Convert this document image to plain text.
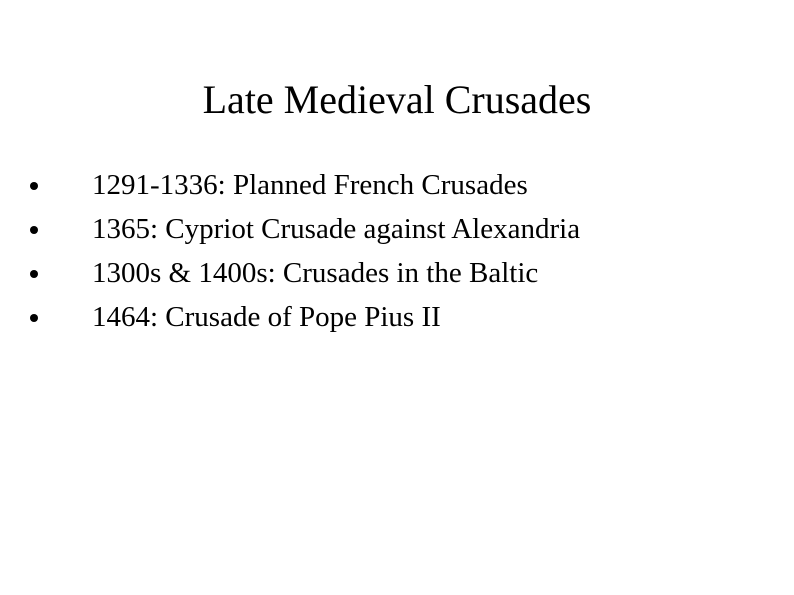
Late Medieval Crusades
1291-1336: Planned French Crusades
1365: Cypriot Crusade against Alexandria
1300s & 1400s: Crusades in the Baltic
1464: Crusade of Pope Pius II
